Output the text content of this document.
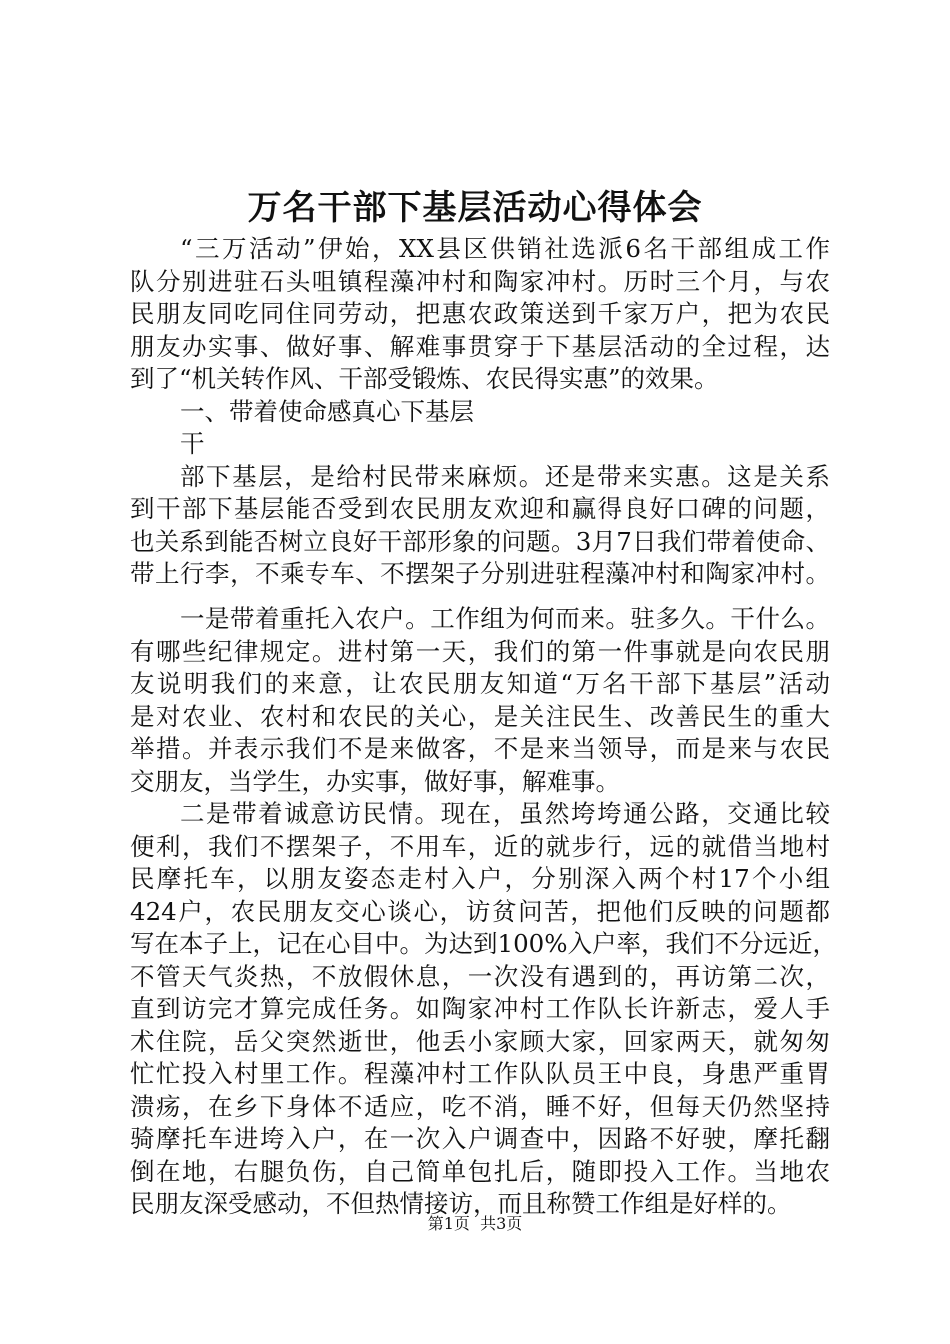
万名干部下基层活动心得体会
“三万活动”伊始，XX县区供销社选派6名干部组成工作
队分别进驻石头咀镇程藻冲村和陶家冲村。历时三个月，与农
民朋友同吃同住同劳动，把惠农政策送到千家万户，把为农民
朋友办实事、做好事、解难事贯穿于下基层活动的全过程，达
到了“机关转作风、干部受锻炼、农民得实惠”的效果。
一、带着使命感真心下基层
干
部下基层，是给村民带来麻烦。还是带来实惠。这是关系
到干部下基层能否受到农民朋友欢迎和赢得良好口碑的问题，
也关系到能否树立良好干部形象的问题。3月7日我们带着使命、
带上行李，不乘专车、不摆架子分别进驻程藻冲村和陶家冲村。
一是带着重托入农户。工作组为何而来。驻多久。干什么。
有哪些纪律规定。进村第一天，我们的第一件事就是向农民朋
友说明我们的来意，让农民朋友知道“万名干部下基层”活动
是对农业、农村和农民的关心，是关注民生、改善民生的重大
举措。并表示我们不是来做客，不是来当领导，而是来与农民
交朋友，当学生，办实事，做好事，解难事。
二是带着诚意访民情。现在，虽然垮垮通公路，交通比较
便利，我们不摆架子，不用车，近的就步行，远的就借当地村
民摩托车，以朋友姿态走村入户，分别深入两个村17个小组
424户，农民朋友交心谈心，访贫问苦，把他们反映的问题都
写在本子上，记在心目中。为达到100%入户率，我们不分远近，
不管天气炎热，不放假休息，一次没有遇到的，再访第二次，
直到访完才算完成任务。如陶家冲村工作队长许新志，爱人手
术住院，岳父突然逝世，他丢小家顾大家，回家两天，就匆匆
忙忙投入村里工作。程藻冲村工作队队员王中良，身患严重胃
溃疡，在乡下身体不适应，吃不消，睡不好，但每天仍然坚持
骑摩托车进垮入户，在一次入户调查中，因路不好驶，摩托翻
倒在地，右腿负伤，自己简单包扎后，随即投入工作。当地农
民朋友深受感动，不但热情接访，而且称赞工作组是好样的。
第1页  共3页
